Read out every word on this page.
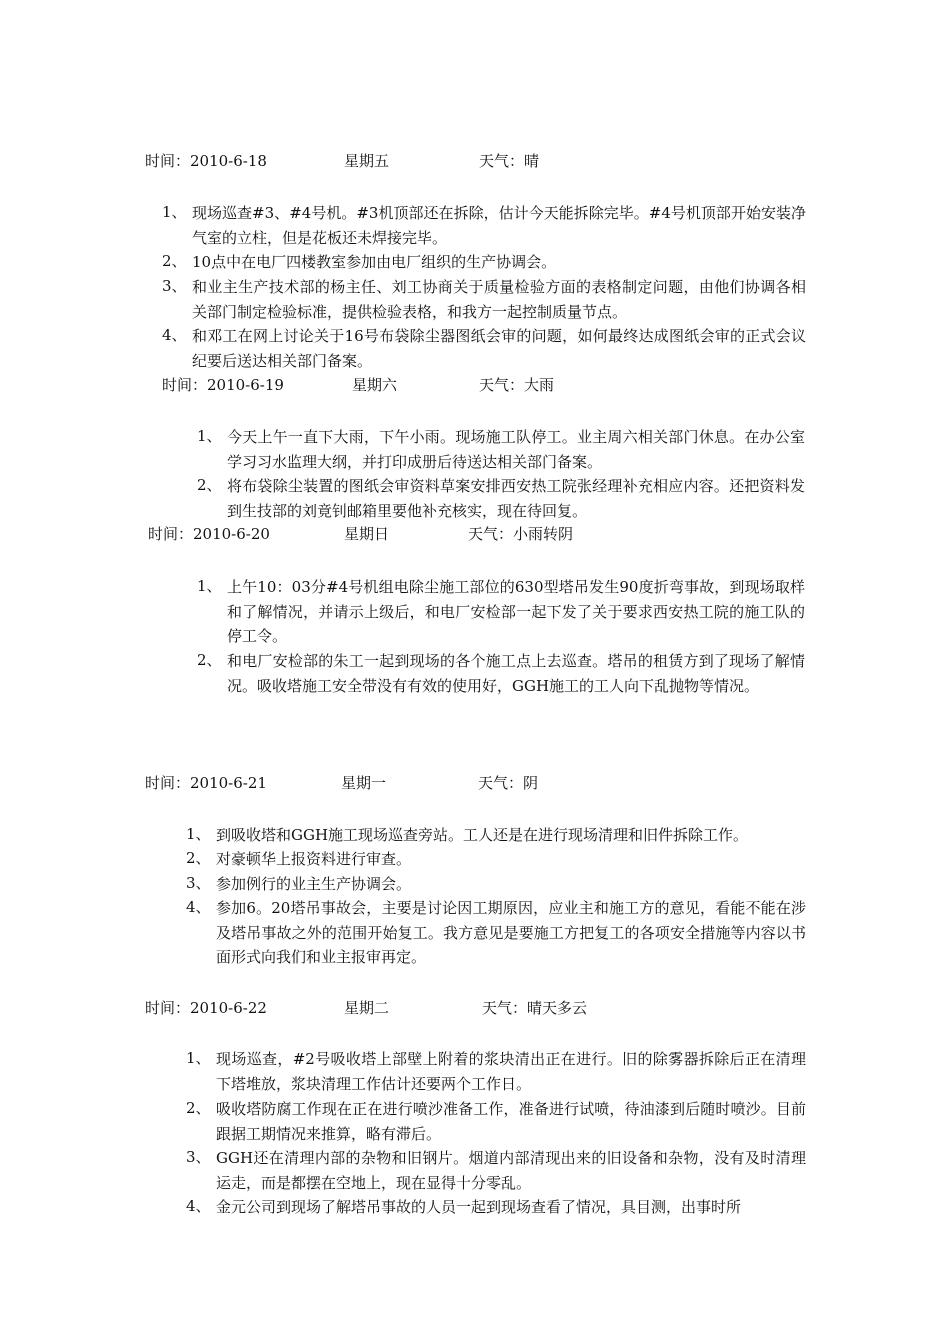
时间：2010-6-18	星期五	天气：晴
1、 现场巡查#3、#4号机。#3机顶部还在拆除，估计今天能拆除完毕。#4号机顶部开始安装净气室的立柱，但是花板还未焊接完毕。
2、 10点中在电厂四楼教室参加由电厂组织的生产协调会。
3、 和业主生产技术部的杨主任、刘工协商关于质量检验方面的表格制定问题，由他们协调各相关部门制定检验标准，提供检验表格，和我方一起控制质量节点。
4、 和邓工在网上讨论关于16号布袋除尘器图纸会审的问题，如何最终达成图纸会审的正式会议纪要后送达相关部门备案。
时间：2010-6-19	星期六	天气：大雨
1、 今天上午一直下大雨，下午小雨。现场施工队停工。业主周六相关部门休息。在办公室学习习水监理大纲，并打印成册后待送达相关部门备案。
2、 将布袋除尘装置的图纸会审资料草案安排西安热工院张经理补充相应内容。还把资料发到生技部的刘竟钊邮箱里要他补充核实，现在待回复。
时间：2010-6-20	星期日	天气：小雨转阴
1、 上午10：03分#4号机组电除尘施工部位的630型塔吊发生90度折弯事故，到现场取样和了解情况，并请示上级后，和电厂安检部一起下发了关于要求西安热工院的施工队的停工令。
2、 和电厂安检部的朱工一起到现场的各个施工点上去巡查。塔吊的租赁方到了现场了解情况。吸收塔施工安全带没有有效的使用好，GGH施工的工人向下乱抛物等情况。
时间：2010-6-21	星期一	天气：阴
1、 到吸收塔和GGH施工现场巡查旁站。工人还是在进行现场清理和旧件拆除工作。
2、 对豪顿华上报资料进行审查。
3、 参加例行的业主生产协调会。
4、 参加6。20塔吊事故会，主要是讨论因工期原因，应业主和施工方的意见，看能不能在涉及塔吊事故之外的范围开始复工。我方意见是要施工方把复工的各项安全措施等内容以书面形式向我们和业主报审再定。
时间：2010-6-22	星期二	天气：晴天多云
1、 现场巡查，#2号吸收塔上部壁上附着的浆块清出正在进行。旧的除雾器拆除后正在清理下塔堆放，浆块清理工作估计还要两个工作日。
2、 吸收塔防腐工作现在正在进行喷沙准备工作，准备进行试喷，待油漆到后随时喷沙。目前跟据工期情况来推算，略有滞后。
3、 GGH还在清理内部的杂物和旧钢片。烟道内部清现出来的旧设备和杂物，没有及时清理运走，而是都摆在空地上，现在显得十分零乱。
4、 金元公司到现场了解塔吊事故的人员一起到现场查看了情况，具目测，出事时所
